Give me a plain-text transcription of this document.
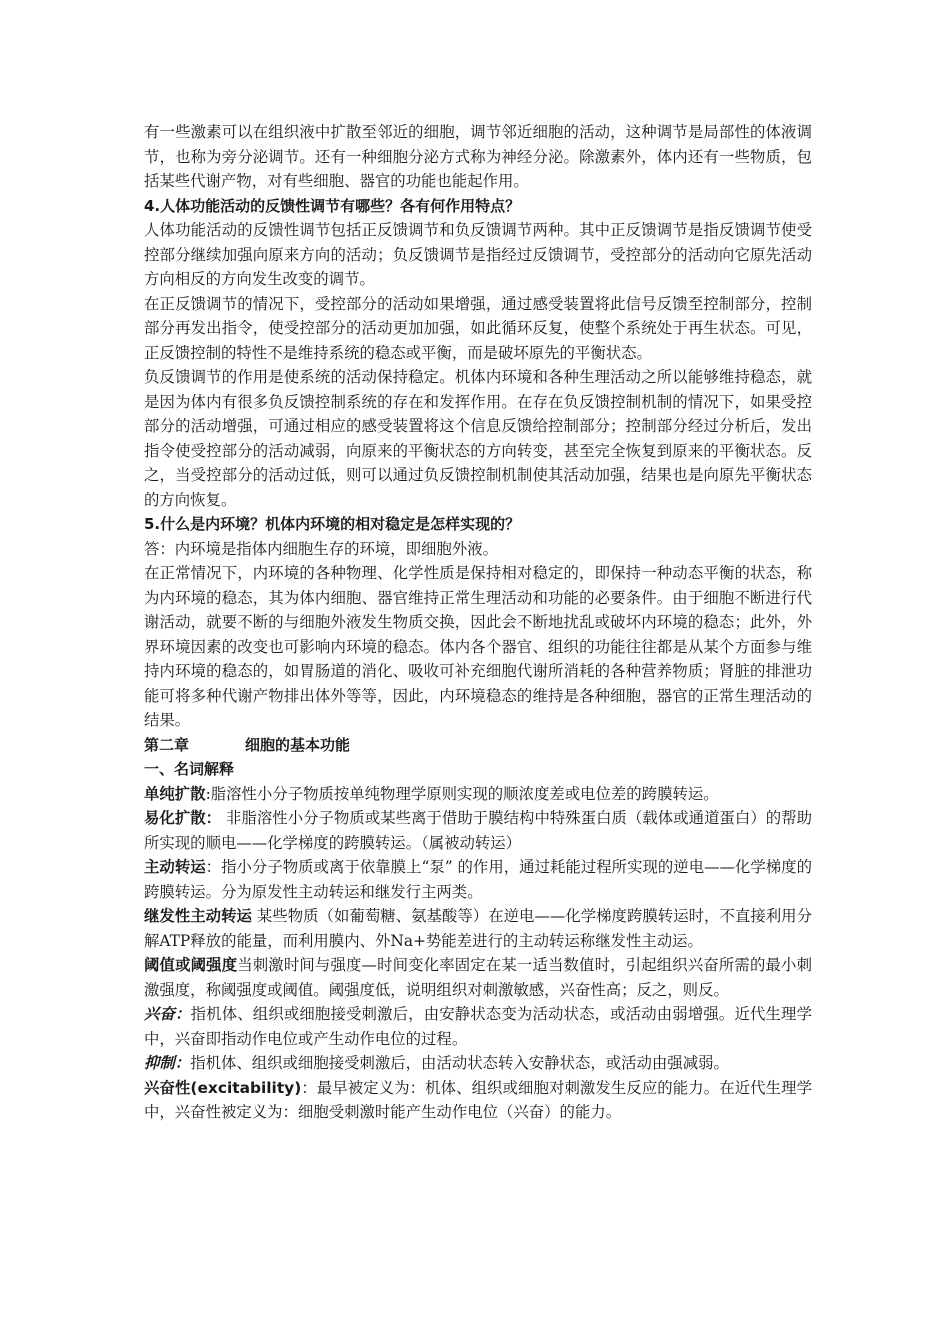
有一些激素可以在组织液中扩散至邻近的细胞，调节邻近细胞的活动，这种调节是局部性的体液调节，也称为旁分泌调节。还有一种细胞分泌方式称为神经分泌。除激素外，体内还有一些物质，包括某些代谢产物，对有些细胞、器官的功能也能起作用。

4.人体功能活动的反馈性调节有哪些？各有何作用特点？

人体功能活动的反馈性调节包括正反馈调节和负反馈调节两种。其中正反馈调节是指反馈调节使受控部分继续加强向原来方向的活动；负反馈调节是指经过反馈调节，受控部分的活动向它原先活动方向相反的方向发生改变的调节。

在正反馈调节的情况下，受控部分的活动如果增强，通过感受装置将此信号反馈至控制部分，控制部分再发出指令，使受控部分的活动更加加强，如此循环反复，使整个系统处于再生状态。可见，正反馈控制的特性不是维持系统的稳态或平衡，而是破坏原先的平衡状态。

负反馈调节的作用是使系统的活动保持稳定。机体内环境和各种生理活动之所以能够维持稳态，就是因为体内有很多负反馈控制系统的存在和发挥作用。在存在负反馈控制机制的情况下，如果受控部分的活动增强，可通过相应的感受装置将这个信息反馈给控制部分；控制部分经过分析后，发出指令使受控部分的活动减弱，向原来的平衡状态的方向转变，甚至完全恢复到原来的平衡状态。反之，当受控部分的活动过低，则可以通过负反馈控制机制使其活动加强，结果也是向原先平衡状态的方向恢复。

5.什么是内环境？机体内环境的相对稳定是怎样实现的？

答：内环境是指体内细胞生存的环境，即细胞外液。

在正常情况下，内环境的各种物理、化学性质是保持相对稳定的，即保持一种动态平衡的状态，称为内环境的稳态，其为体内细胞、器官维持正常生理活动和功能的必要条件。由于细胞不断进行代谢活动，就要不断的与细胞外液发生物质交换，因此会不断地扰乱或破坏内环境的稳态；此外，外界环境因素的改变也可影响内环境的稳态。体内各个器官、组织的功能往往都是从某个方面参与维持内环境的稳态的，如胃肠道的消化、吸收可补充细胞代谢所消耗的各种营养物质；肾脏的排泄功能可将多种代谢产物排出体外等等，因此，内环境稳态的维持是各种细胞，器官的正常生理活动的结果。

第二章	细胞的基本功能

一、名词解释

单纯扩散:脂溶性小分子物质按单纯物理学原则实现的顺浓度差或电位差的跨膜转运。

易化扩散： 非脂溶性小分子物质或某些离于借助于膜结构中特殊蛋白质（载体或通道蛋白）的帮助所实现的顺电——化学梯度的跨膜转运。（属被动转运）

主动转运：指小分子物质或离于依靠膜上“泵” 的作用，通过耗能过程所实现的逆电——化学梯度的跨膜转运。分为原发性主动转运和继发行主两类。

继发性主动转运 某些物质（如葡萄糖、氨基酸等）在逆电——化学梯度跨膜转运时，不直接利用分解ATP释放的能量，而利用膜内、外Na+势能差进行的主动转运称继发性主动运。

阈值或阈强度当刺激时间与强度—时间变化率固定在某一适当数值时，引起组织兴奋所需的最小刺激强度，称阈强度或阈值。阈强度低，说明组织对刺激敏感，兴奋性高；反之，则反。

兴奋：指机体、组织或细胞接受刺激后，由安静状态变为活动状态，或活动由弱增强。近代生理学中，兴奋即指动作电位或产生动作电位的过程。

抑制：指机体、组织或细胞接受刺激后，由活动状态转入安静状态，或活动由强减弱。

兴奋性(excitability)：最早被定义为：机体、组织或细胞对刺激发生反应的能力。在近代生理学中，兴奋性被定义为：细胞受刺激时能产生动作电位（兴奋）的能力。
